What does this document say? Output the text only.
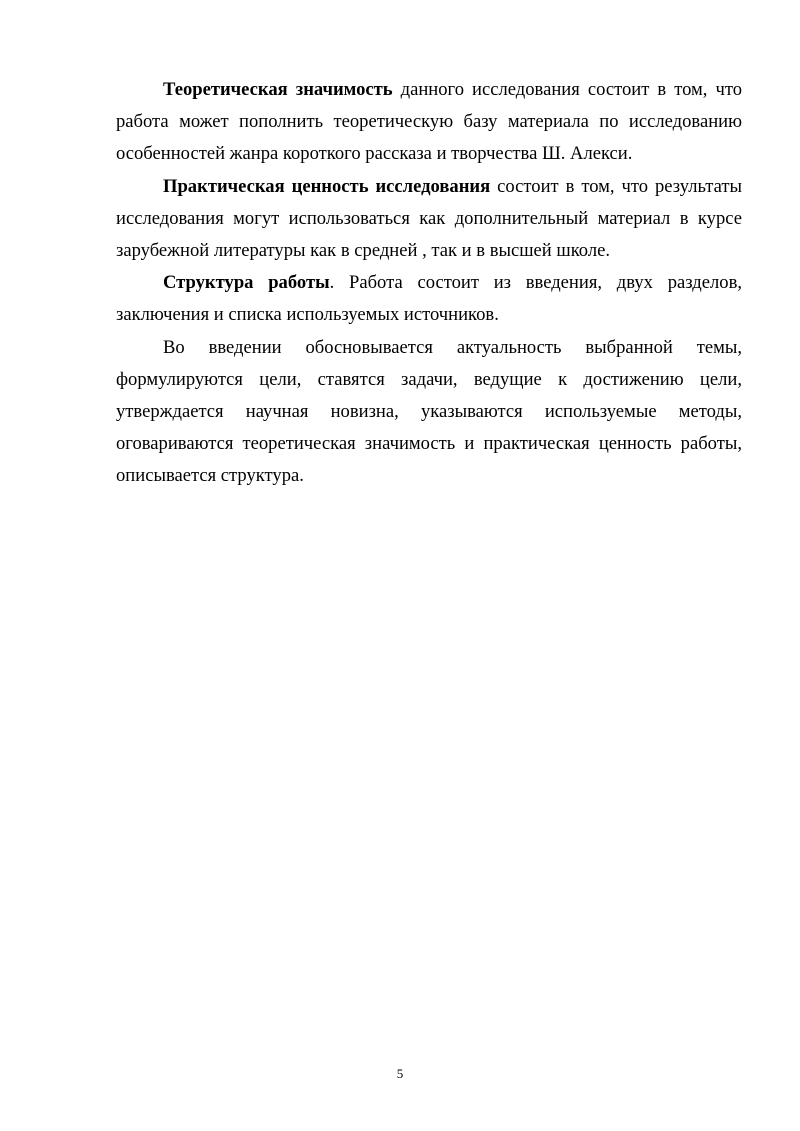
Теоретическая значимость данного исследования состоит в том, что работа может пополнить теоретическую базу материала по исследованию особенностей жанра короткого рассказа и творчества Ш. Алекси.

Практическая ценность исследования состоит в том, что результаты исследования могут использоваться как дополнительный материал в курсе зарубежной литературы как в средней , так и в высшей школе.

Структура работы. Работа состоит из введения, двух разделов, заключения и списка используемых источников.

Во введении обосновывается актуальность выбранной темы, формулируются цели, ставятся задачи, ведущие к достижению цели, утверждается научная новизна, указываются используемые методы, оговариваются теоретическая значимость и практическая ценность работы, описывается структура.

5
